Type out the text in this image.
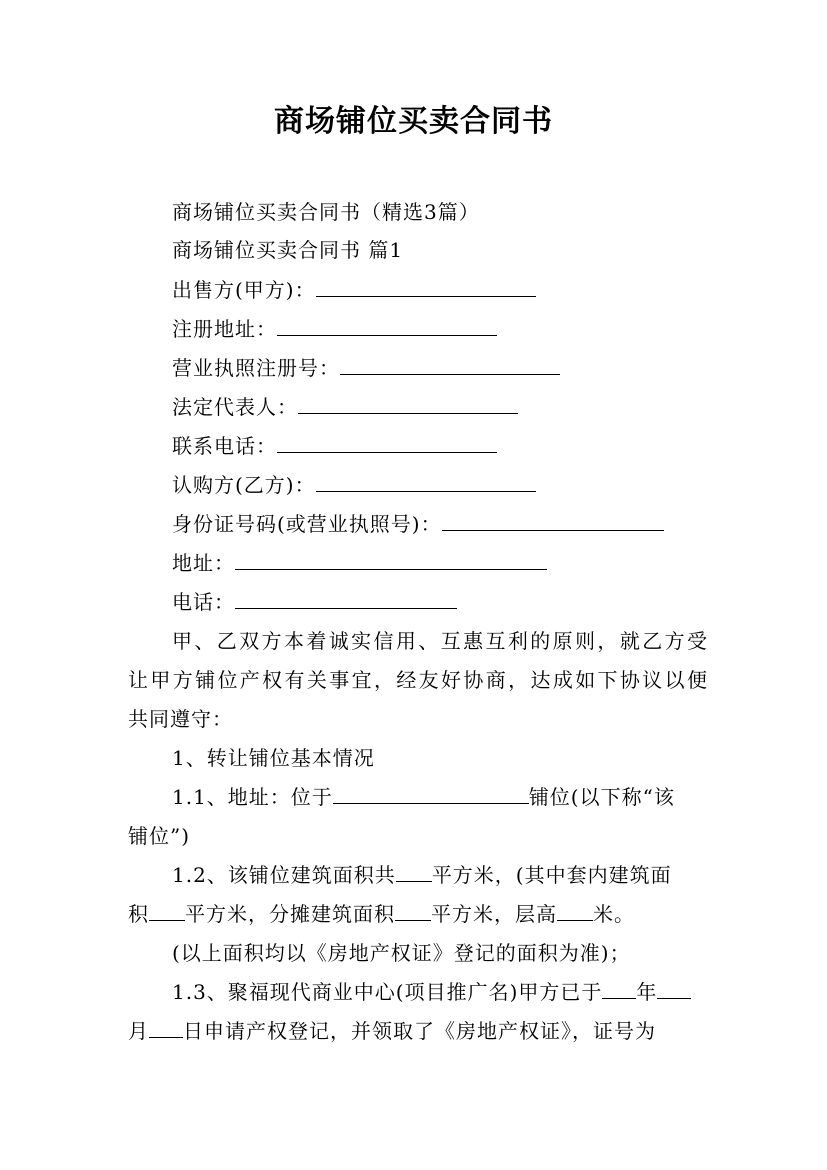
商场铺位买卖合同书
商场铺位买卖合同书（精选3篇）
商场铺位买卖合同书 篇1
出售方(甲方)：
注册地址：
营业执照注册号：
法定代表人：
联系电话：
认购方(乙方)：
身份证号码(或营业执照号)：
地址：
电话：
甲、乙双方本着诚实信用、互惠互利的原则，就乙方受
让甲方铺位产权有关事宜，经友好协商，达成如下协议以便
共同遵守：
1、转让铺位基本情况
1.1、地址：位于	铺位(以下称“该
铺位”)
1.2、该铺位建筑面积共 平方米，(其中套内建筑面
积 平方米，分摊建筑面积 平方米，层高 米。
(以上面积均以《房地产权证》登记的面积为准)；
1.3、聚福现代商业中心(项目推广名)甲方已于 年
月 日申请产权登记，并领取了《房地产权证》，证号为
